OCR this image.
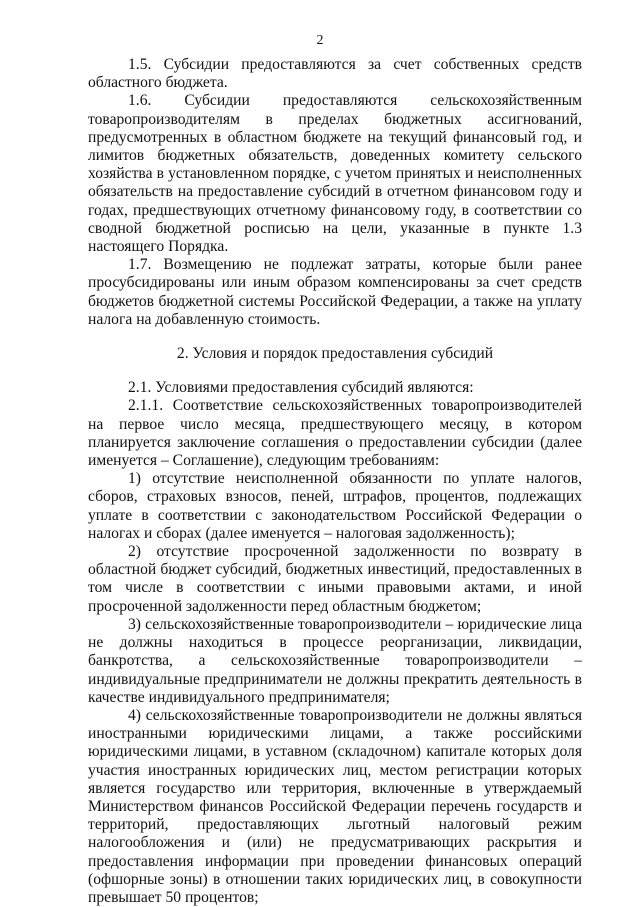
2

1.5. Субсидии предоставляются за счет собственных средств областного бюджета.

1.6. Субсидии предоставляются сельскохозяйственным товаропроизводителям в пределах бюджетных ассигнований, предусмотренных в областном бюджете на текущий финансовый год, и лимитов бюджетных обязательств, доведенных комитету сельского хозяйства в установленном порядке, с учетом принятых и неисполненных обязательств на предоставление субсидий в отчетном финансовом году и годах, предшествующих отчетному финансовому году, в соответствии со сводной бюджетной росписью на цели, указанные в пункте 1.3 настоящего Порядка.

1.7. Возмещению не подлежат затраты, которые были ранее просубсидированы или иным образом компенсированы за счет средств бюджетов бюджетной системы Российской Федерации, а также на уплату налога на добавленную стоимость.

2. Условия и порядок предоставления субсидий

2.1. Условиями предоставления субсидий являются:

2.1.1. Соответствие сельскохозяйственных товаропроизводителей на первое число месяца, предшествующего месяцу, в котором планируется заключение соглашения о предоставлении субсидии (далее именуется – Соглашение), следующим требованиям:

1) отсутствие неисполненной обязанности по уплате налогов, сборов, страховых взносов, пеней, штрафов, процентов, подлежащих уплате в соответствии с законодательством Российской Федерации о налогах и сборах (далее именуется – налоговая задолженность);

2) отсутствие просроченной задолженности по возврату в областной бюджет субсидий, бюджетных инвестиций, предоставленных в том числе в соответствии с иными правовыми актами, и иной просроченной задолженности перед областным бюджетом;

3) сельскохозяйственные товаропроизводители – юридические лица не должны находиться в процессе реорганизации, ликвидации, банкротства, а сельскохозяйственные товаропроизводители – индивидуальные предприниматели не должны прекратить деятельность в качестве индивидуального предпринимателя;

4) сельскохозяйственные товаропроизводители не должны являться иностранными юридическими лицами, а также российскими юридическими лицами, в уставном (складочном) капитале которых доля участия иностранных юридических лиц, местом регистрации которых является государство или территория, включенные в утверждаемый Министерством финансов Российской Федерации перечень государств и территорий, предоставляющих льготный налоговый режим налогообложения и (или) не предусматривающих раскрытия и предоставления информации при проведении финансовых операций (офшорные зоны) в отношении таких юридических лиц, в совокупности превышает 50 процентов;
